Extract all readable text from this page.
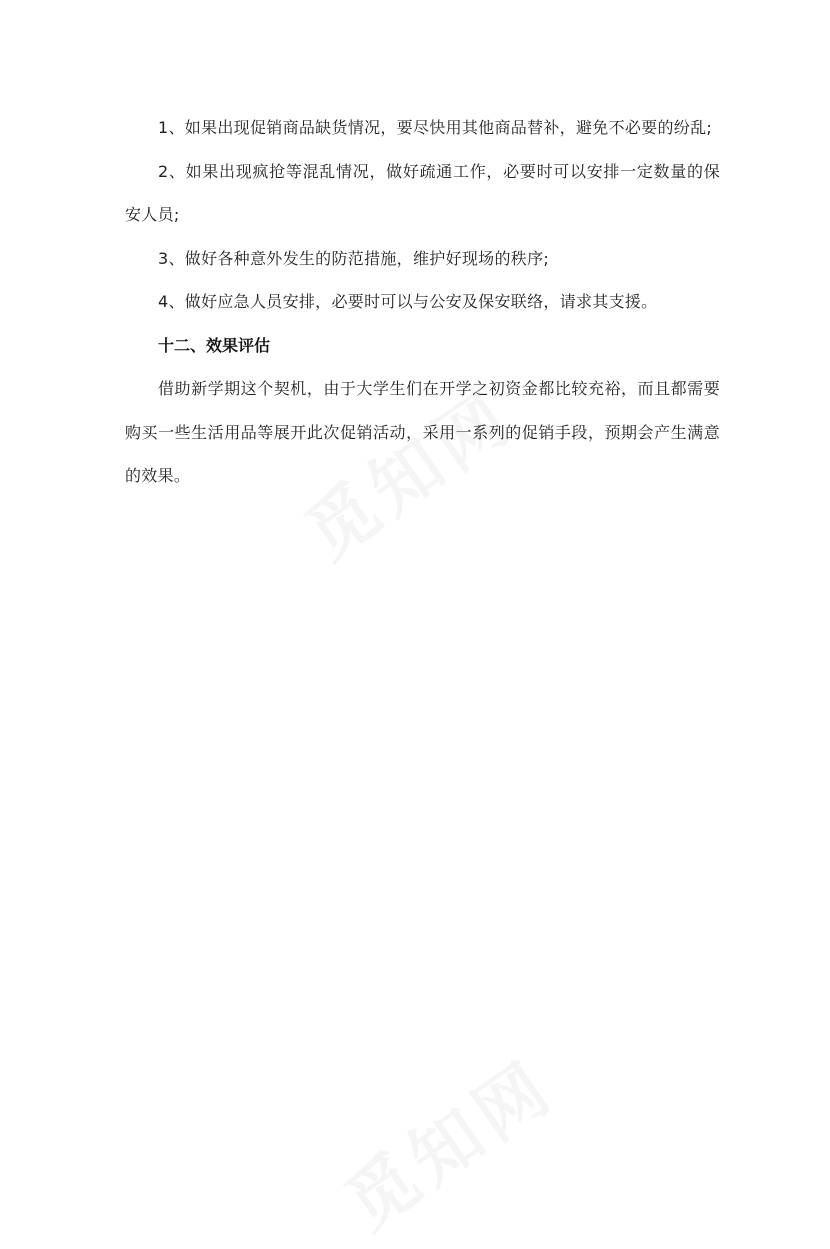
1、如果出现促销商品缺货情况，要尽快用其他商品替补，避免不必要的纷乱;

2、如果出现疯抢等混乱情况，做好疏通工作，必要时可以安排一定数量的保安人员;

3、做好各种意外发生的防范措施，维护好现场的秩序;

4、做好应急人员安排，必要时可以与公安及保安联络，请求其支援。

十二、效果评估

借助新学期这个契机，由于大学生们在开学之初资金都比较充裕，而且都需要购买一些生活用品等展开此次促销活动，采用一系列的促销手段，预期会产生满意的效果。
